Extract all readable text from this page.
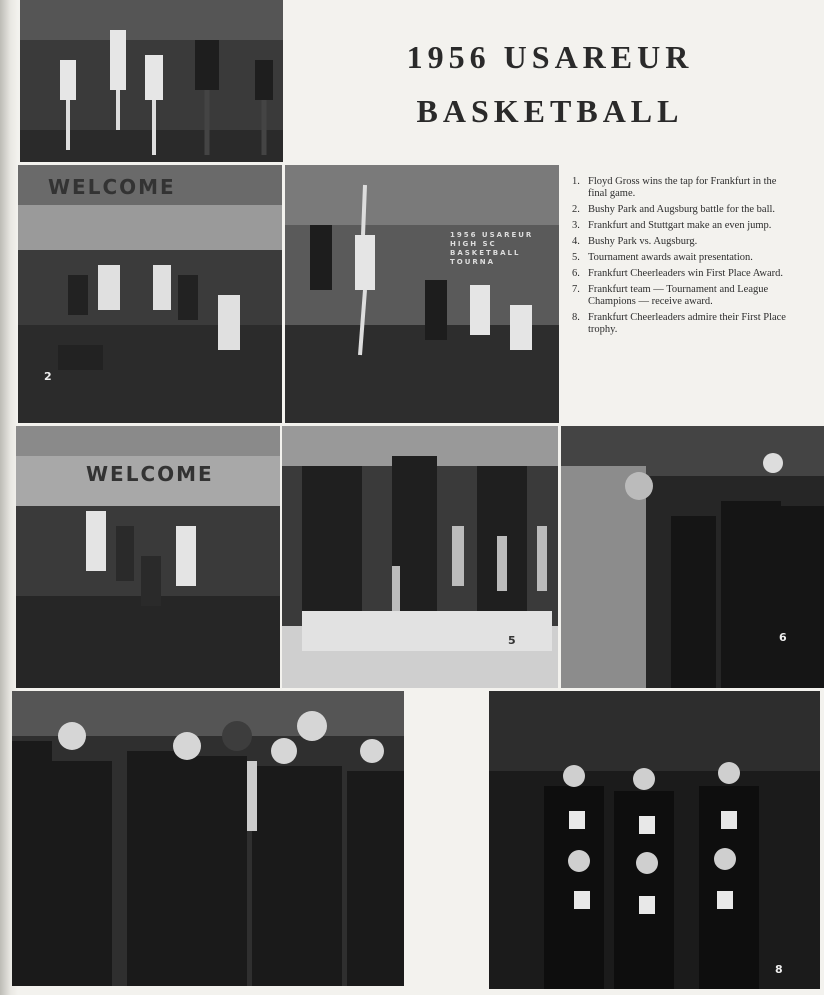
1956 USAREUR
BASKETBALL
WELCOME
2
1956 USAREUR HIGH SC BASKETBALL TOURNA
1. Floyd Gross wins the tap for Frankfurt in the final game.
2. Bushy Park and Augsburg battle for the ball.
3. Frankfurt and Stuttgart make an even jump.
4. Bushy Park vs. Augsburg.
5. Tournament awards await presentation.
6. Frankfurt Cheerleaders win First Place Award.
7. Frankfurt team — Tournament and League Champions — receive award.
8. Frankfurt Cheerleaders admire their First Place trophy.
WELCOME
5	6
8
